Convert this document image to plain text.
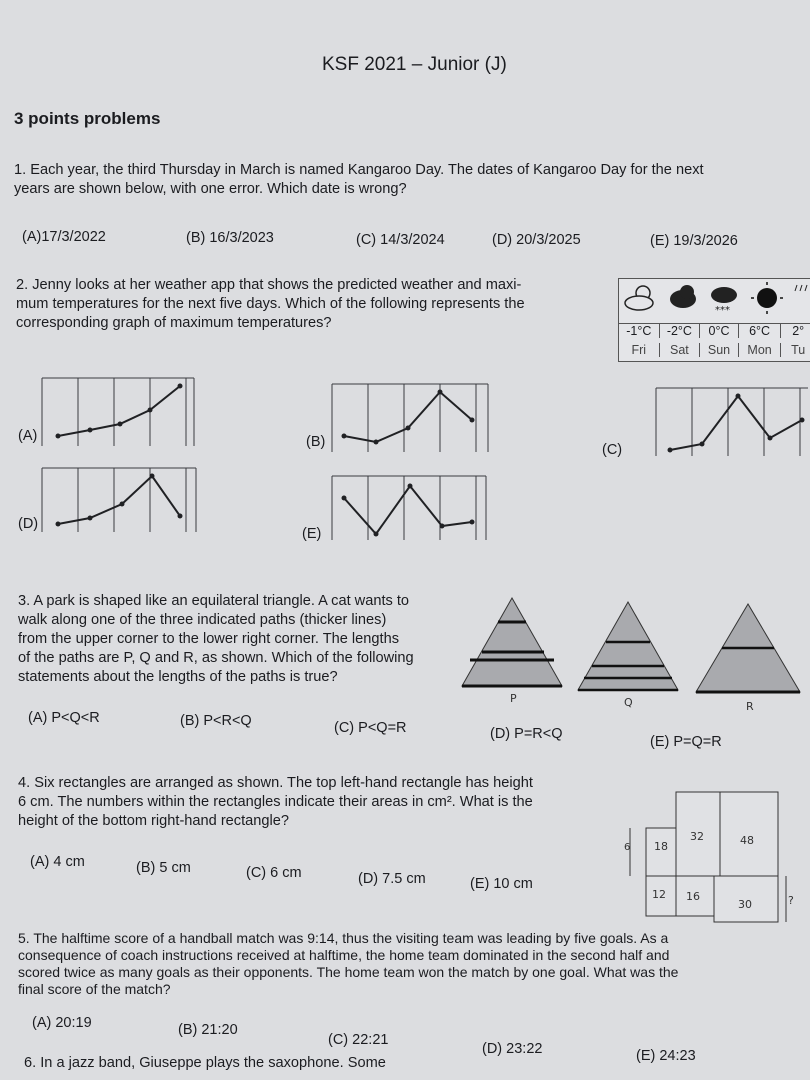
KSF 2021 – Junior (J)
3 points problems
1. Each year, the third Thursday in March is named Kangaroo Day. The dates of Kangaroo Day for the next
years are shown below, with one error. Which date is wrong?
(A)17/3/2022	(B) 16/3/2023	(C) 14/3/2024	(D) 20/3/2025	(E) 19/3/2026
2. Jenny looks at her weather app that shows the predicted weather and maxi-
mum temperatures for the next five days. Which of the following represents the
corresponding graph of maximum temperatures?
***
-1°C	-2°C	0°C	6°C	2°
Fri	Sat	Sun	Mon	Tu
(A)	(B)	(C)
(D)
(E)
3. A park is shaped like an equilateral triangle. A cat wants to
walk along one of the three indicated paths (thicker lines)
from the upper corner to the lower right corner. The lengths
of the paths are P, Q and R, as shown. Which of the following
statements about the lengths of the paths is true?
P	Q	R
(A) P<Q<R	(B) P<R<Q	(C) P<Q=R	(D) P=R<Q	(E) P=Q=R
4. Six rectangles are arranged as shown. The top left-hand rectangle has height
6 cm. The numbers within the rectangles indicate their areas in cm². What is the
height of the bottom right-hand rectangle?
6 18
32	48
12 16
30	?
(A) 4 cm	(B) 5 cm	(C) 6 cm	(D) 7.5 cm	(E) 10 cm
5. The halftime score of a handball match was 9:14, thus the visiting team was leading by five goals. As a
consequence of coach instructions received at halftime, the home team dominated in the second half and
scored twice as many goals as their opponents. The home team won the match by one goal. What was the
final score of the match?
(A) 20:19	(B) 21:20
(C) 22:21
(D) 23:22	(E) 24:23
6. In a jazz band, Giuseppe plays the saxophone. Some
